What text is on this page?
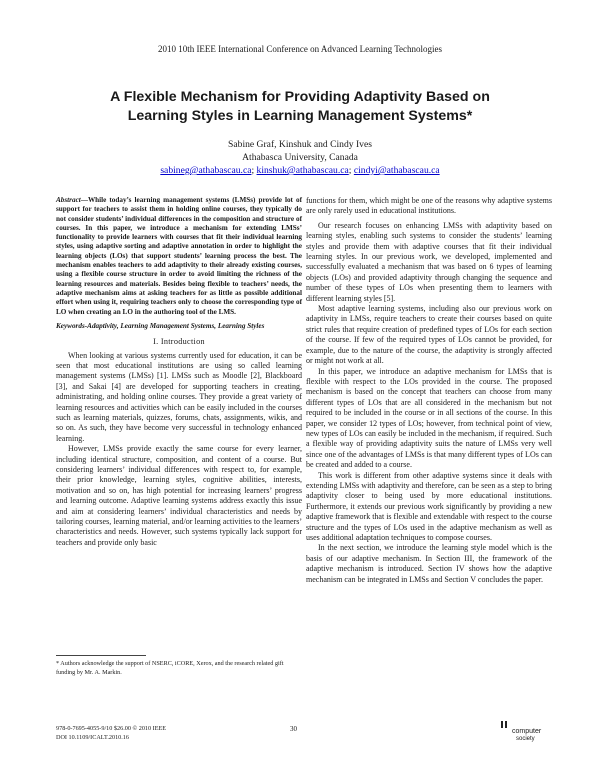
2010 10th IEEE International Conference on Advanced Learning Technologies
A Flexible Mechanism for Providing Adaptivity Based on
Learning Styles in Learning Management Systems*
Sabine Graf, Kinshuk and Cindy Ives
Athabasca University, Canada
sabineg@athabascau.ca; kinshuk@athabascau.ca; cindyi@athabascau.ca

Abstract—While today’s learning management systems (LMSs) provide lot of support for teachers to assist them in holding online courses, they typically do not consider students’ individual differences in the composition and structure of courses. In this paper, we introduce a mechanism for extending LMSs’ functionality to provide learners with courses that fit their individual learning styles, using adaptive sorting and adaptive annotation in order to highlight the learning objects (LOs) that support students’ learning process the best. The mechanism enables teachers to add adaptivity to their already existing courses, using a flexible course structure in order to avoid limiting the richness of the learning resources and materials. Besides being flexible to teachers’ needs, the adaptive mechanism aims at asking teachers for as little as possible additional effort when using it, requiring teachers only to choose the corresponding type of LO when creating an LO in the authoring tool of the LMS.

Keywords-Adaptivity, Learning Management Systems, Learning Styles

I. Introduction

When looking at various systems currently used for education, it can be seen that most educational institutions are using so called learning management systems (LMSs) [1]. LMSs such as Moodle [2], Blackboard [3], and Sakai [4] are developed for supporting teachers in creating, administrating, and holding online courses. They provide a great variety of learning resources and activities which can be easily included in the courses such as learning materials, quizzes, forums, chats, assignments, wikis, and so on. As such, they have become very successful in technology enhanced learning.

However, LMSs provide exactly the same course for every learner, including identical structure, composition, and content of a course. But considering learners’ individual differences with respect to, for example, their prior knowledge, learning styles, cognitive abilities, interests, motivation and so on, has high potential for increasing learners’ progress and learning outcome. Adaptive learning systems address exactly this issue and aim at considering learners’ individual characteristics and needs by tailoring courses, learning material, and/or learning activities to the learners’ characteristics and needs. However, such systems typically lack support for teachers and provide only basic

functions for them, which might be one of the reasons why adaptive systems are only rarely used in educational institutions.

Our research focuses on enhancing LMSs with adaptivity based on learning styles, enabling such systems to consider the students’ learning styles and provide them with adaptive courses that fit their individual learning styles. In our previous work, we developed, implemented and successfully evaluated a mechanism that was based on 6 types of learning objects (LOs) and provided adaptivity through changing the sequence and number of these types of LOs when presenting them to learners with different learning styles [5].

Most adaptive learning systems, including also our previous work on adaptivity in LMSs, require teachers to create their courses based on quite strict rules that require creation of predefined types of LOs for each section of the course. If few of the required types of LOs cannot be provided, for example, due to the nature of the course, the adaptivity is strongly affected or might not work at all.

In this paper, we introduce an adaptive mechanism for LMSs that is flexible with respect to the LOs provided in the course. The proposed mechanism is based on the concept that teachers can choose from many different types of LOs that are all considered in the mechanism but not required to be included in the course or in all sections of the course. In this paper, we consider 12 types of LOs; however, from technical point of view, new types of LOs can easily be included in the mechanism, if required. Such a flexible way of providing adaptivity suits the nature of LMSs very well since one of the advantages of LMSs is that many different types of LOs can be created and added to a course.

This work is different from other adaptive systems since it deals with extending LMSs with adaptivity and therefore, can be seen as a step to bring adaptivity closer to being used by more educational institutions. Furthermore, it extends our previous work significantly by providing a new adaptive framework that is flexible and extendable with respect to the course structure and the types of LOs used in the adaptive mechanism as well as uses additional adaptation techniques to compose courses.

In the next section, we introduce the learning style model which is the basis of our adaptive mechanism. In Section III, the framework of the adaptive mechanism is introduced. Section IV shows how the adaptive mechanism can be integrated in LMSs and Section V concludes the paper.

* Authors acknowledge the support of NSERC, iCORE, Xerox, and the research related gift funding by Mr. A. Markin.
978-0-7695-4055-9/10 $26.00 © 2010 IEEE
DOI 10.1109/ICALT.2010.16
30	computer
society
